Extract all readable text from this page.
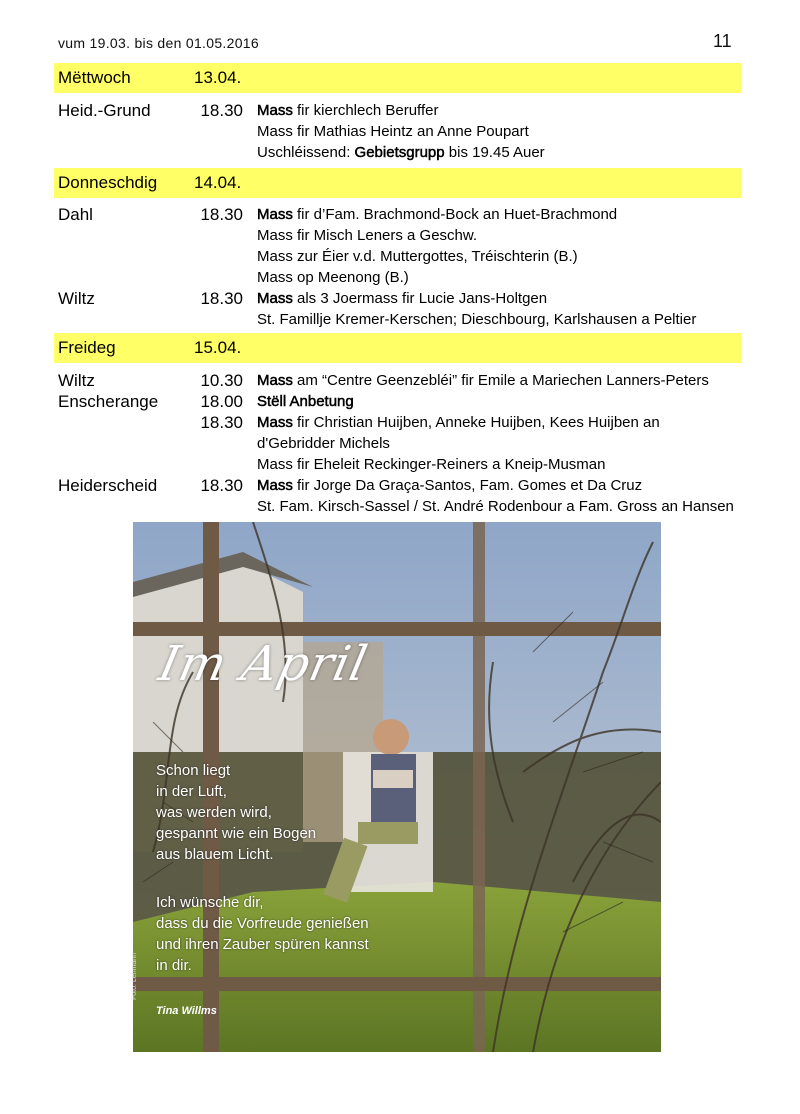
vum 19.03. bis den 01.05.2016	11
Mëttwoch	13.04.
Heid.-Grund	18.30 Mass fir kierchlech Beruffer
Mass fir Mathias Heintz an Anne Poupart
Uschléissend: Gebietsgrupp bis 19.45 Auer
Donneschdig 14.04.
Dahl	18.30 Mass fir d’Fam. Brachmond-Bock an Huet-Brachmond
Mass fir Misch Leners a Geschw.
Mass zur Éier v.d. Muttergottes, Tréischterin (B.)
Mass op Meenong (B.)
Wiltz	18.30 Mass als 3 Joermass fir Lucie Jans-Holtgen
St. Famillje Kremer-Kerschen; Dieschbourg, Karlshausen a Peltier
Freideg	15.04.
Wiltz	10.30 Mass am “Centre Geenzebléi” fir Emile a Mariechen Lanners-Peters
Enscherange 18.00 Stëll Anbetung
18.30 Mass fir Christian Huijben, Anneke Huijben, Kees Huijben an
d'Gebridder Michels
Mass fir Eheleit Reckinger-Reiners a Kneip-Musman
Heiderscheid	18.30 Mass fir Jorge Da Graça-Santos, Fam. Gomes et Da Cruz
St. Fam. Kirsch-Sassel / St. André Rodenbour a Fam. Gross an Hansen
Im April
Schon liegt
in der Luft,
was werden wird,
gespannt wie ein Bogen
aus blauem Licht.
Ich wünsche dir,
dass du die Vorfreude genießen
und ihren Zauber spüren kannst
in dir.
Tina Willms
Foto: Lehmann
